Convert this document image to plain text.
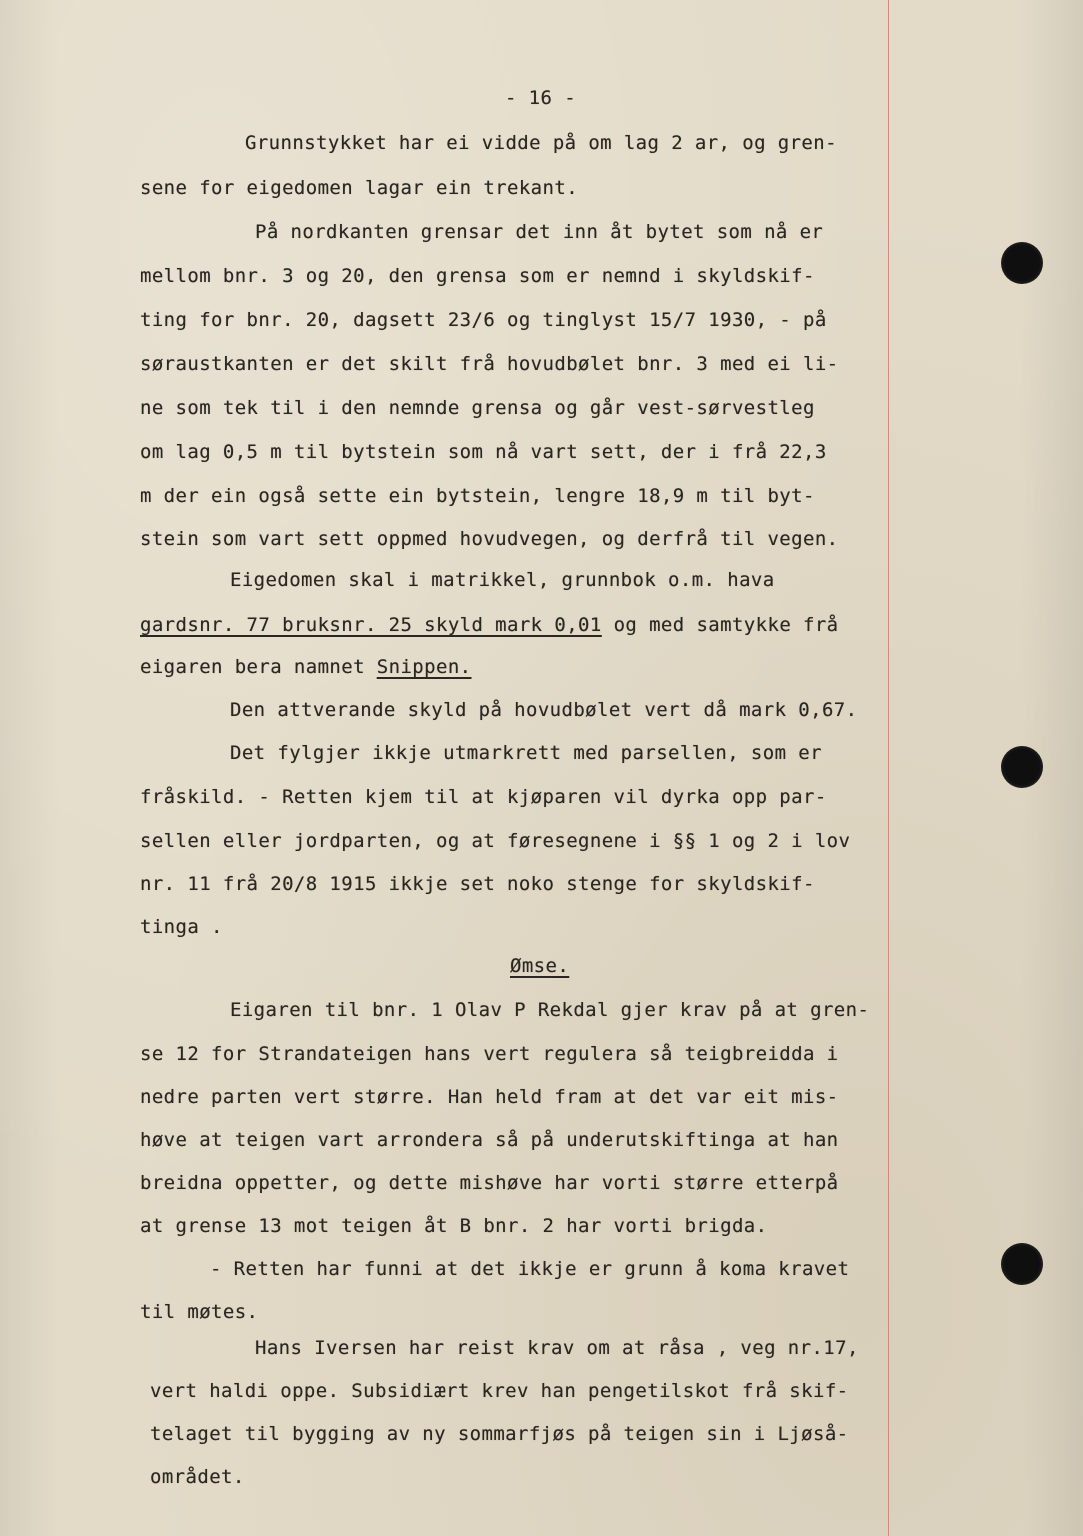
- 16 -
Grunnstykket har ei vidde på om lag 2 ar, og gren-
sene for eigedomen lagar ein trekant.
På nordkanten grensar det inn åt bytet som nå er
mellom bnr. 3 og 20, den grensa som er nemnd i skyldskif-
ting for bnr. 20, dagsett 23/6 og tinglyst 15/7 1930, - på
søraustkanten er det skilt frå hovudbølet bnr. 3 med ei li-
ne som tek til i den nemnde grensa og går vest-sørvestleg
om lag 0,5 m til bytstein som nå vart sett, der i frå 22,3
m der ein også sette ein bytstein, lengre 18,9 m til byt-
stein som vart sett oppmed hovudvegen, og derfrå til vegen.
Eigedomen skal i matrikkel, grunnbok o.m. hava
gardsnr. 77 bruksnr. 25 skyld mark 0,01 og med samtykke frå
eigaren bera namnet Snippen.
Den attverande skyld på hovudbølet vert då mark 0,67.
Det fylgjer ikkje utmarkrett med parsellen, som er
fråskild. - Retten kjem til at kjøparen vil dyrka opp par-
sellen eller jordparten, og at føresegnene i §§ 1 og 2 i lov
nr. 11 frå 20/8 1915 ikkje set noko stenge for skyldskif-
tinga .
Ømse.
Eigaren til bnr. 1 Olav P Rekdal gjer krav på at gren-
se 12 for Strandateigen hans vert regulera så teigbreidda i
nedre parten vert større. Han held fram at det var eit mis-
høve at teigen vart arrondera så på underutskiftinga at han
breidna oppetter, og dette mishøve har vorti større etterpå
at grense 13 mot teigen åt B bnr. 2 har vorti brigda.
- Retten har funni at det ikkje er grunn å koma kravet
til møtes.
Hans Iversen har reist krav om at råsa , veg nr.17,
vert haldi oppe. Subsidiært krev han pengetilskot frå skif-
telaget til bygging av ny sommarfjøs på teigen sin i Ljøså-
området.
